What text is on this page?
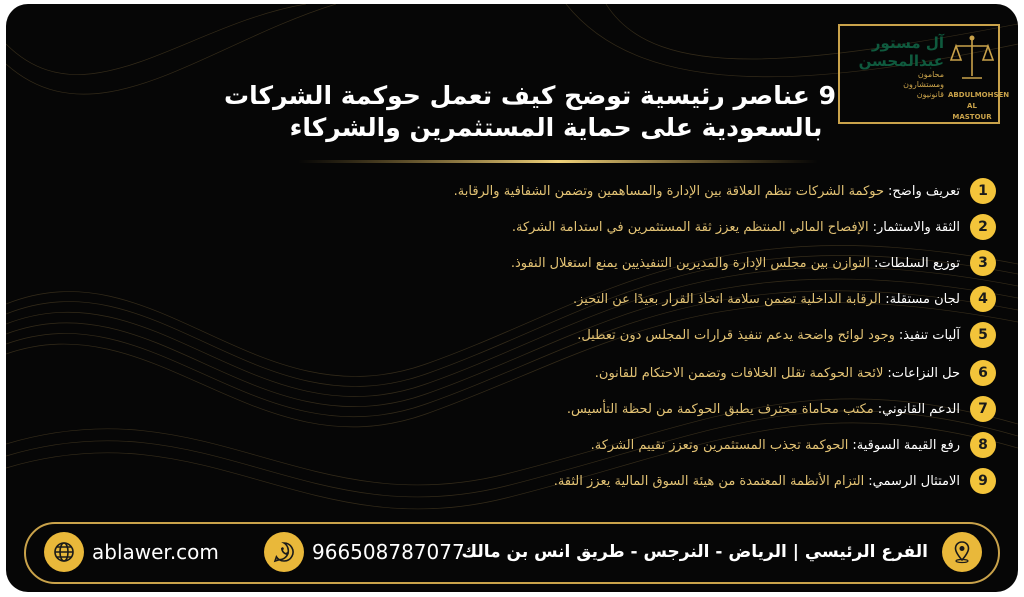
9 عناصر رئيسية توضح كيف تعمل حوكمة الشركات
بالسعودية على حماية المستثمرين والشركاء
آل مستور عبدالمحسن
محامون
ومستشارون
قانونيون ABDULMOHSEN
AL MASTOUR
1
تعريف واضح:
حوكمة الشركات تنظم العلاقة بين الإدارة والمساهمين وتضمن الشفافية والرقابة.
2
الثقة والاستثمار:
الإفصاح المالي المنتظم يعزز ثقة المستثمرين في استدامة الشركة.
3
توزيع السلطات:
التوازن بين مجلس الإدارة والمديرين التنفيذيين يمنع استغلال النفوذ.
4
لجان مستقلة:
الرقابة الداخلية تضمن سلامة اتخاذ القرار بعيدًا عن التحيز.
5
آليات تنفيذ:
وجود لوائح واضحة يدعم تنفيذ قرارات المجلس دون تعطيل.
6
حل النزاعات:
لائحة الحوكمة تقلل الخلافات وتضمن الاحتكام للقانون.
7
الدعم القانوني:
مكتب محاماة محترف يطبق الحوكمة من لحظة التأسيس.
8
رفع القيمة السوقية:
الحوكمة تجذب المستثمرين وتعزز تقييم الشركة.
9
الامتثال الرسمي:
التزام الأنظمة المعتمدة من هيئة السوق المالية يعزز الثقة.
ablawer.com	966508787077
الفرع الرئيسي | الرياض - النرجس - طريق انس بن مالك
